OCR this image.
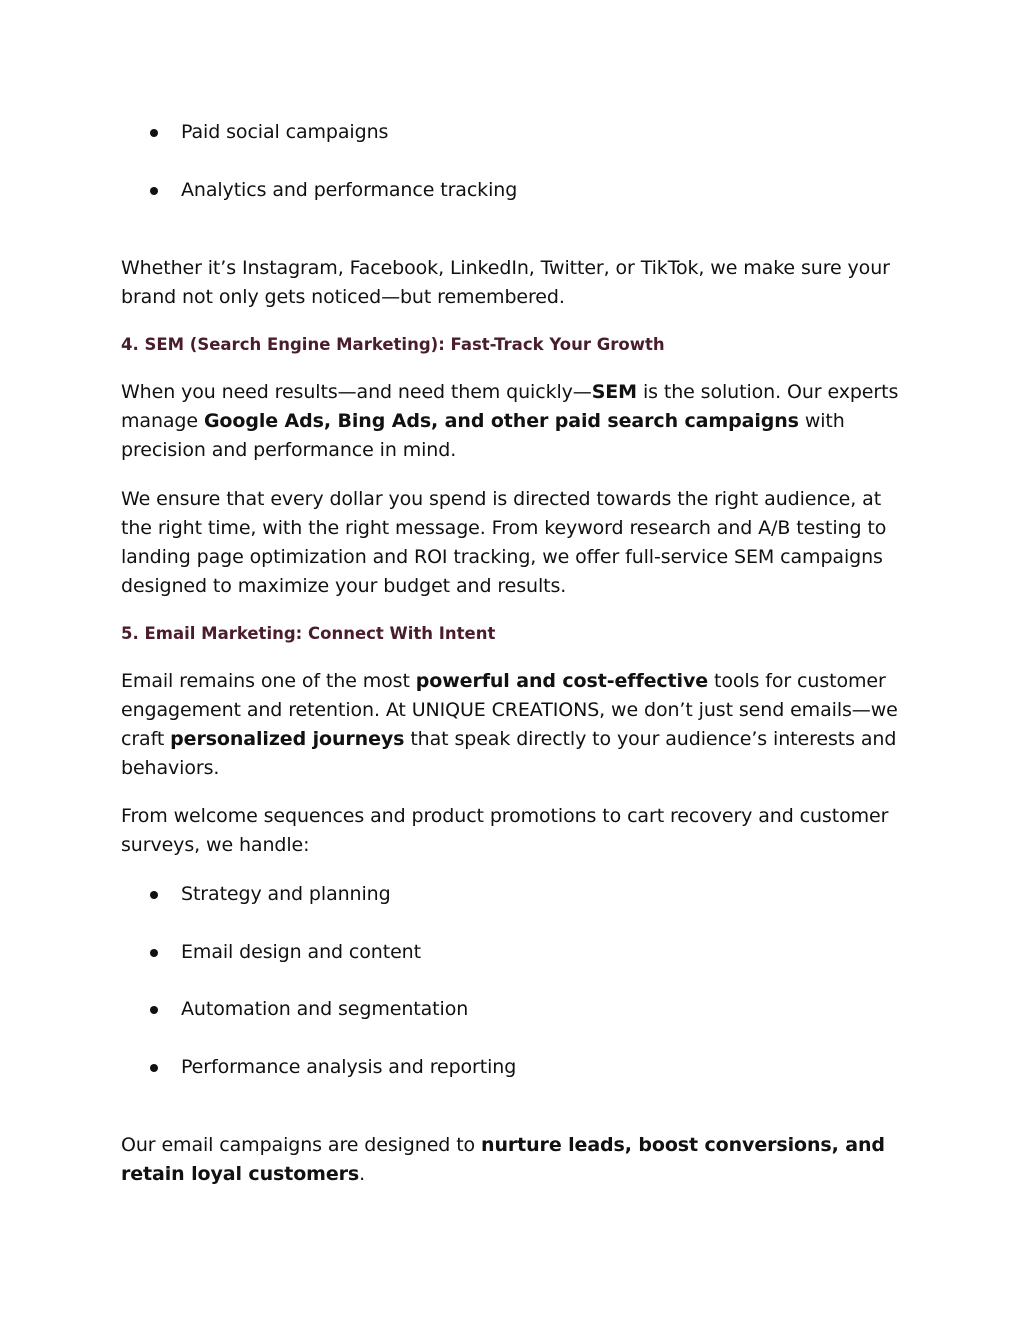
Paid social campaigns
Analytics and performance tracking

Whether it’s Instagram, Facebook, LinkedIn, Twitter, or TikTok, we make sure your brand not only gets noticed—but remembered.

4. SEM (Search Engine Marketing): Fast-Track Your Growth

When you need results—and need them quickly—SEM is the solution. Our experts manage Google Ads, Bing Ads, and other paid search campaigns with precision and performance in mind.

We ensure that every dollar you spend is directed towards the right audience, at the right time, with the right message. From keyword research and A/B testing to landing page optimization and ROI tracking, we offer full-service SEM campaigns designed to maximize your budget and results.

5. Email Marketing: Connect With Intent

Email remains one of the most powerful and cost-effective tools for customer engagement and retention. At UNIQUE CREATIONS, we don’t just send emails—we craft personalized journeys that speak directly to your audience’s interests and behaviors.

From welcome sequences and product promotions to cart recovery and customer surveys, we handle:

Strategy and planning
Email design and content
Automation and segmentation
Performance analysis and reporting

Our email campaigns are designed to nurture leads, boost conversions, and retain loyal customers.
